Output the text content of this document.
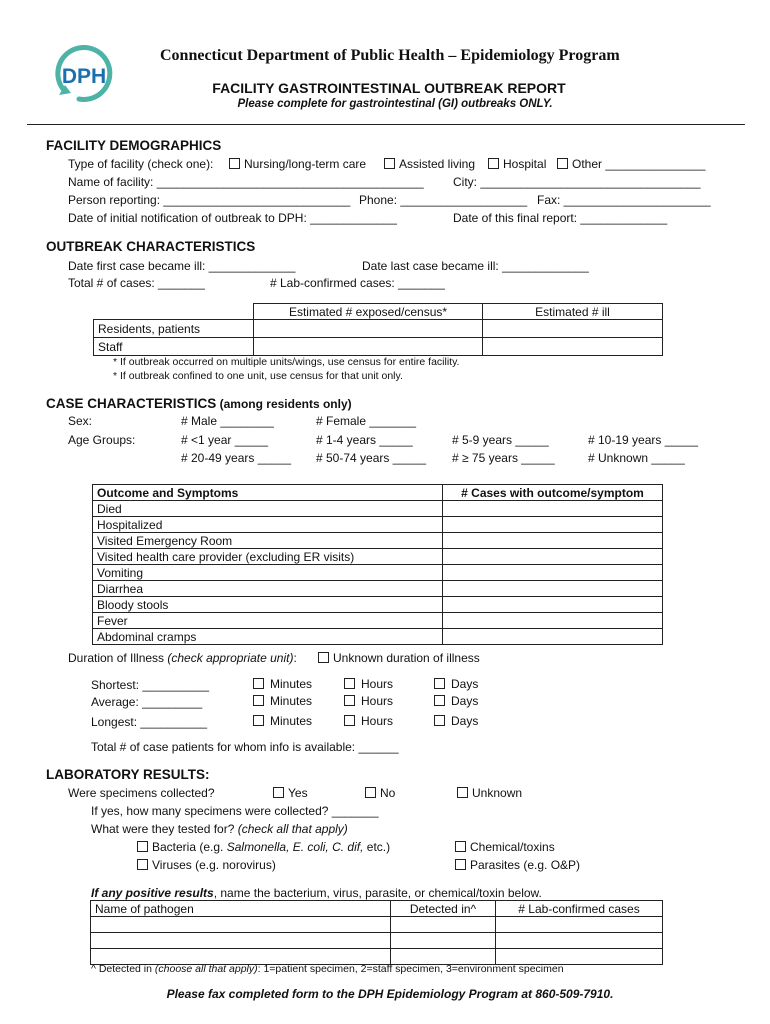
DPH
Connecticut Department of Public Health – Epidemiology Program
FACILITY GASTROINTESTINAL OUTBREAK REPORT
Please complete for gastrointestinal (GI) outbreaks ONLY.
FACILITY DEMOGRAPHICS
Type of facility (check one):	Nursing/long-term care	Assisted living	Hospital	Other _______________
Name of facility: ________________________________________ City: _________________________________
Person reporting: ____________________________ Phone: ___________________ Fax: ______________________
Date of initial notification of outbreak to DPH: _____________	Date of this final report: _____________
OUTBREAK CHARACTERISTICS
Date first case became ill: _____________	Date last case became ill: _____________
Total # of cases: _______	# Lab-confirmed cases: _______
	Estimated # exposed/census*	Estimated # ill
Residents, patients		
Staff		
* If outbreak occurred on multiple units/wings, use census for entire facility.
* If outbreak confined to one unit, use census for that unit only.
CASE CHARACTERISTICS (among residents only)
Sex:	# Male ________	# Female _______
Age Groups:	# <1 year _____	# 1-4 years _____	# 5-9 years _____	# 10-19 years _____
# 20-49 years _____ # 50-74 years _____ # ≥ 75 years _____	# Unknown _____
Outcome and Symptoms	# Cases with outcome/symptom
Died	
Hospitalized	
Visited Emergency Room	
Visited health care provider (excluding ER visits)	
Vomiting	
Diarrhea	
Bloody stools	
Fever	
Abdominal cramps	
Duration of Illness (check appropriate unit):	Unknown duration of illness
Shortest: __________	Minutes	Hours	Days
Average: _________	Minutes	Hours	Days
Longest: __________	Minutes	Hours	Days
Total # of case patients for whom info is available: ______
LABORATORY RESULTS:
Were specimens collected?	Yes	No	Unknown
If yes, how many specimens were collected? _______
What were they tested for? (check all that apply)
Bacteria (e.g. Salmonella, E. coli, C. dif, etc.)
Viruses (e.g. norovirus)
Chemical/toxins
Parasites (e.g. O&P)
If any positive results, name the bacterium, virus, parasite, or chemical/toxin below.
Name of pathogen	Detected in^	# Lab-confirmed cases

^ Detected in (choose all that apply): 1=patient specimen, 2=staff specimen, 3=environment specimen
Please fax completed form to the DPH Epidemiology Program at 860-509-7910.
